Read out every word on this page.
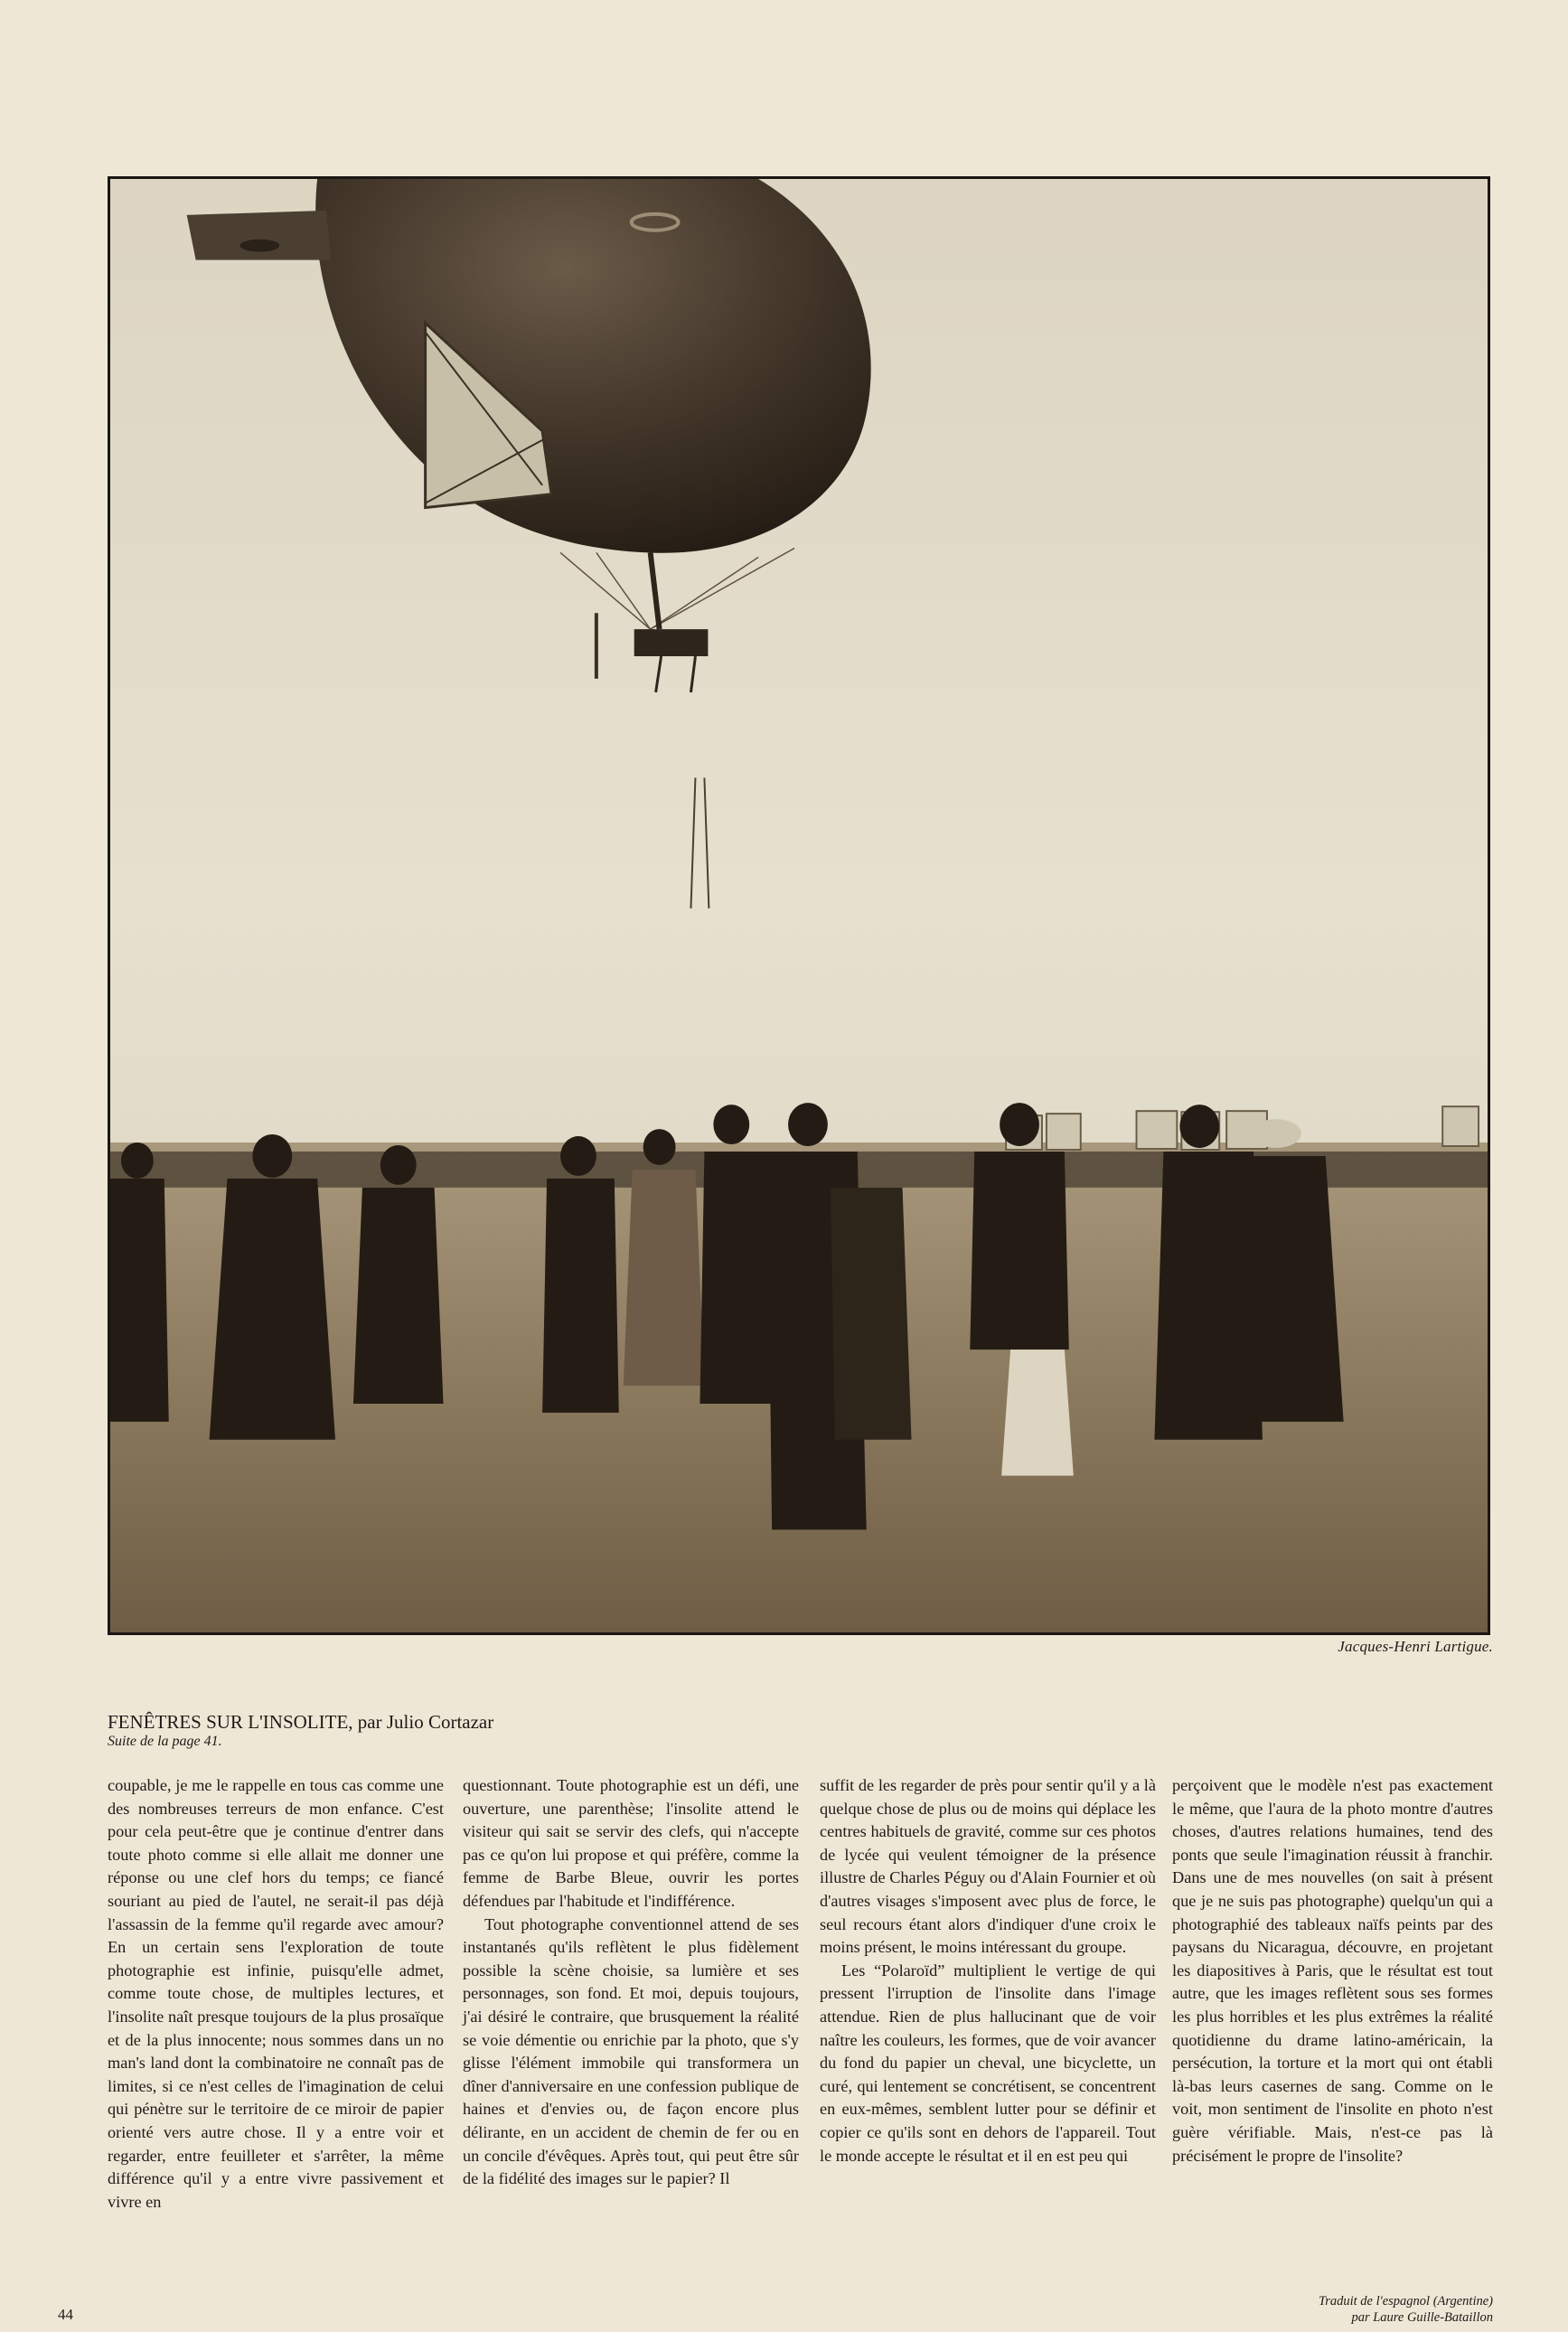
Jacques-Henri Lartigue.
FENÊTRES SUR L'INSOLITE, par Julio Cortazar
Suite de la page 41.

coupable, je me le rappelle en tous cas comme une des nombreuses terreurs de mon enfance. C'est pour cela peut-être que je continue d'entrer dans toute photo comme si elle allait me donner une réponse ou une clef hors du temps; ce fiancé souriant au pied de l'autel, ne serait-il pas déjà l'assassin de la femme qu'il regarde avec amour? En un certain sens l'exploration de toute photographie est infinie, puisqu'elle admet, comme toute chose, de multiples lectures, et l'insolite naît presque toujours de la plus prosaïque et de la plus innocente; nous sommes dans un no man's land dont la combinatoire ne connaît pas de limites, si ce n'est celles de l'imagination de celui qui pénètre sur le territoire de ce miroir de papier orienté vers autre chose. Il y a entre voir et regarder, entre feuilleter et s'arrêter, la même différence qu'il y a entre vivre passivement et vivre en

questionnant. Toute photographie est un défi, une ouverture, une parenthèse; l'insolite attend le visiteur qui sait se servir des clefs, qui n'accepte pas ce qu'on lui propose et qui préfère, comme la femme de Barbe Bleue, ouvrir les portes défendues par l'habitude et l'indifférence.

Tout photographe conventionnel attend de ses instantanés qu'ils reflètent le plus fidèlement possible la scène choisie, sa lumière et ses personnages, son fond. Et moi, depuis toujours, j'ai désiré le contraire, que brusquement la réalité se voie démentie ou enrichie par la photo, que s'y glisse l'élément immobile qui transformera un dîner d'anniversaire en une confession publique de haines et d'envies ou, de façon encore plus délirante, en un accident de chemin de fer ou en un concile d'évêques. Après tout, qui peut être sûr de la fidélité des images sur le papier? Il

suffit de les regarder de près pour sentir qu'il y a là quelque chose de plus ou de moins qui déplace les centres habituels de gravité, comme sur ces photos de lycée qui veulent témoigner de la présence illustre de Charles Péguy ou d'Alain Fournier et où d'autres visages s'imposent avec plus de force, le seul recours étant alors d'indiquer d'une croix le moins présent, le moins intéressant du groupe.

Les “Polaroïd” multiplient le vertige de qui pressent l'irruption de l'insolite dans l'image attendue. Rien de plus hallucinant que de voir naître les couleurs, les formes, que de voir avancer du fond du papier un cheval, une bicyclette, un curé, qui lentement se concrétisent, se concentrent en eux-mêmes, semblent lutter pour se définir et copier ce qu'ils sont en dehors de l'appareil. Tout le monde accepte le résultat et il en est peu qui

perçoivent que le modèle n'est pas exactement le même, que l'aura de la photo montre d'autres choses, d'autres relations humaines, tend des ponts que seule l'imagination réussit à franchir. Dans une de mes nouvelles (on sait à présent que je ne suis pas photographe) quelqu'un qui a photographié des tableaux naïfs peints par des paysans du Nicaragua, découvre, en projetant les diapositives à Paris, que le résultat est tout autre, que les images reflètent sous ses formes les plus horribles et les plus extrêmes la réalité quotidienne du drame latino-américain, la persécution, la torture et la mort qui ont établi là-bas leurs casernes de sang. Comme on le voit, mon sentiment de l'insolite en photo n'est guère vérifiable. Mais, n'est-ce pas là précisément le propre de l'insolite?

Traduit de l'espagnol (Argentine)
par Laure Guille-Bataillon
44
